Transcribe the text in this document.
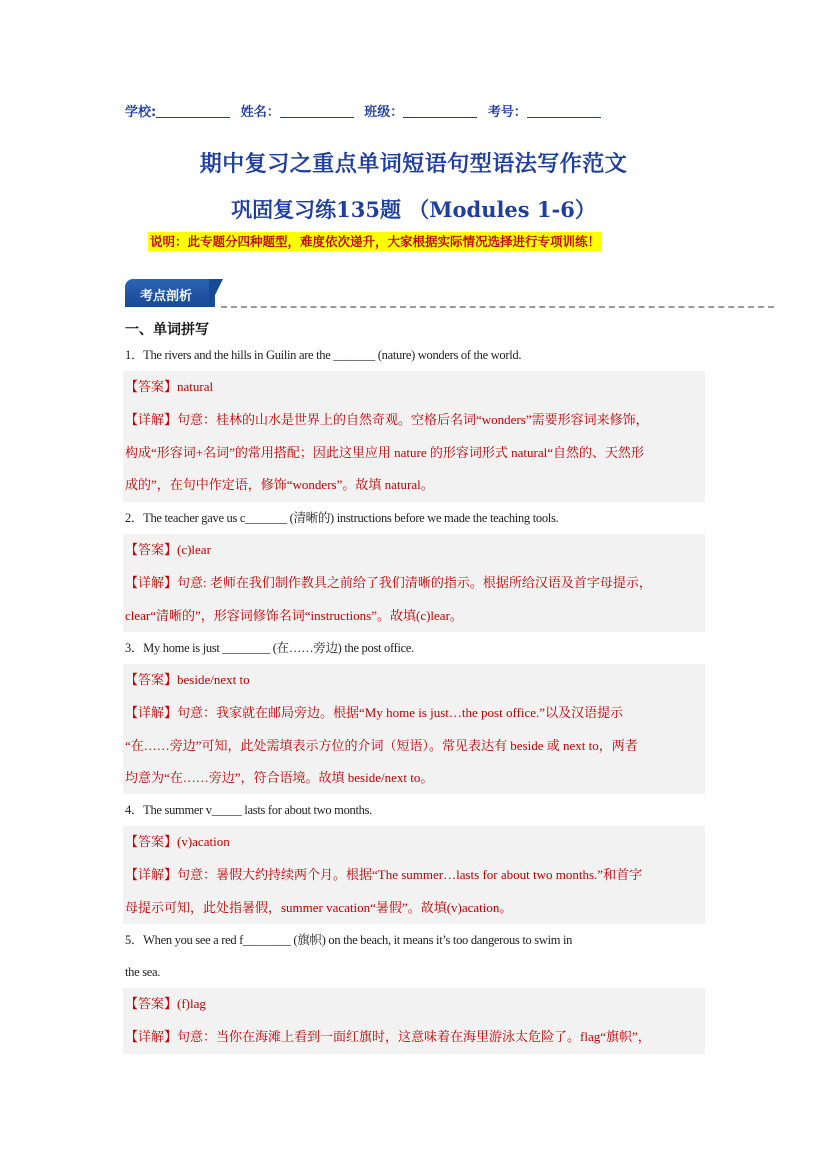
学校:	姓名：	班级：	考号：
期中复习之重点单词短语句型语法写作范文
巩固复习练135题 （Modules 1-6）
说明：此专题分四种题型，难度依次递升，大家根据实际情况选择进行专项训练！
考点剖析
一、单词拼写
1．The rivers and the hills in Guilin are the _______ (nature) wonders of the world.
【答案】natural
【详解】句意：桂林的山水是世界上的自然奇观。空格后名词“wonders”需要形容词来修饰，
构成“形容词+名词”的常用搭配；因此这里应用 nature 的形容词形式 natural“自然的、天然形
成的”，在句中作定语，修饰“wonders”。故填 natural。
2．The teacher gave us c_______ (清晰的) instructions before we made the teaching tools.
【答案】(c)lear
【详解】句意: 老师在我们制作教具之前给了我们清晰的指示。根据所给汉语及首字母提示，
clear“清晰的”，形容词修饰名词“instructions”。故填(c)lear。
3．My home is just ________ (在……旁边) the post office.
【答案】beside/next to
【详解】句意：我家就在邮局旁边。根据“My home is just…the post office.”以及汉语提示
“在……旁边”可知，此处需填表示方位的介词（短语）。常见表达有 beside 或 next to，两者
均意为“在……旁边”，符合语境。故填 beside/next to。
4．The summer v_____ lasts for about two months.
【答案】(v)acation
【详解】句意：暑假大约持续两个月。根据“The summer…lasts for about two months.”和首字
母提示可知，此处指暑假，summer vacation“暑假”。故填(v)acation。
5．When you see a red f________ (旗帜) on the beach, it means it’s too dangerous to swim in
the sea.
【答案】(f)lag
【详解】句意：当你在海滩上看到一面红旗时，这意味着在海里游泳太危险了。flag“旗帜”，
